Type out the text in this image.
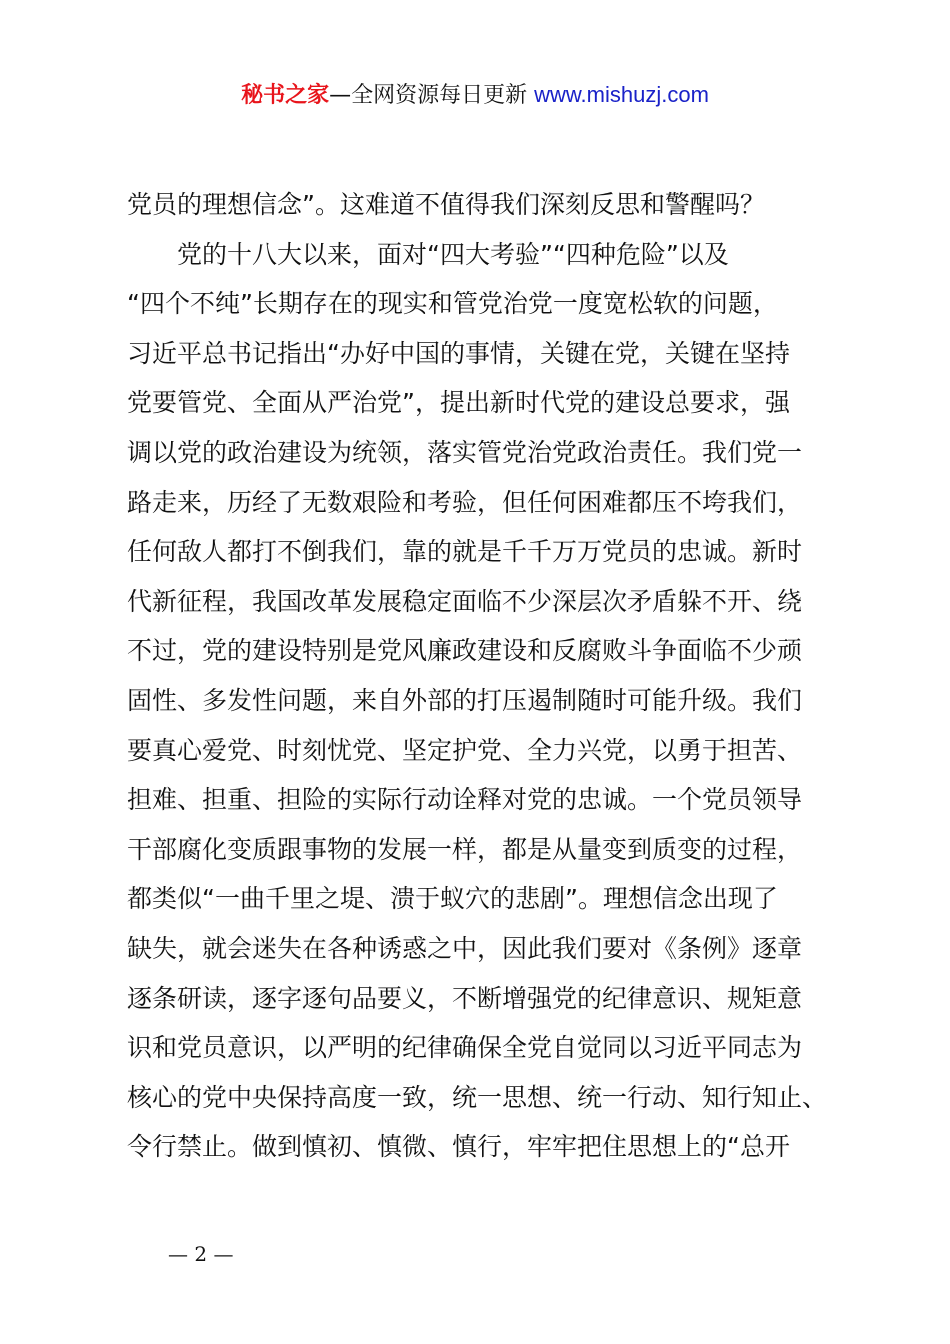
秘书之家—全网资源每日更新 www.mishuzj.com
党员的理想信念”。这难道不值得我们深刻反思和警醒吗？
党的十八大以来，面对“四大考验”“四种危险”以及
“四个不纯”长期存在的现实和管党治党一度宽松软的问题，
习近平总书记指出“办好中国的事情，关键在党，关键在坚持
党要管党、全面从严治党”，提出新时代党的建设总要求，强
调以党的政治建设为统领，落实管党治党政治责任。我们党一
路走来，历经了无数艰险和考验，但任何困难都压不垮我们，
任何敌人都打不倒我们，靠的就是千千万万党员的忠诚。新时
代新征程，我国改革发展稳定面临不少深层次矛盾躲不开、绕
不过，党的建设特别是党风廉政建设和反腐败斗争面临不少顽
固性、多发性问题，来自外部的打压遏制随时可能升级。我们
要真心爱党、时刻忧党、坚定护党、全力兴党，以勇于担苦、
担难、担重、担险的实际行动诠释对党的忠诚。一个党员领导
干部腐化变质跟事物的发展一样，都是从量变到质变的过程，
都类似“一曲千里之堤、溃于蚁穴的悲剧”。理想信念出现了
缺失，就会迷失在各种诱惑之中，因此我们要对《条例》逐章
逐条研读，逐字逐句品要义，不断增强党的纪律意识、规矩意
识和党员意识，以严明的纪律确保全党自觉同以习近平同志为
核心的党中央保持高度一致，统一思想、统一行动、知行知止、
令行禁止。做到慎初、慎微、慎行，牢牢把住思想上的“总开
— 2 —
